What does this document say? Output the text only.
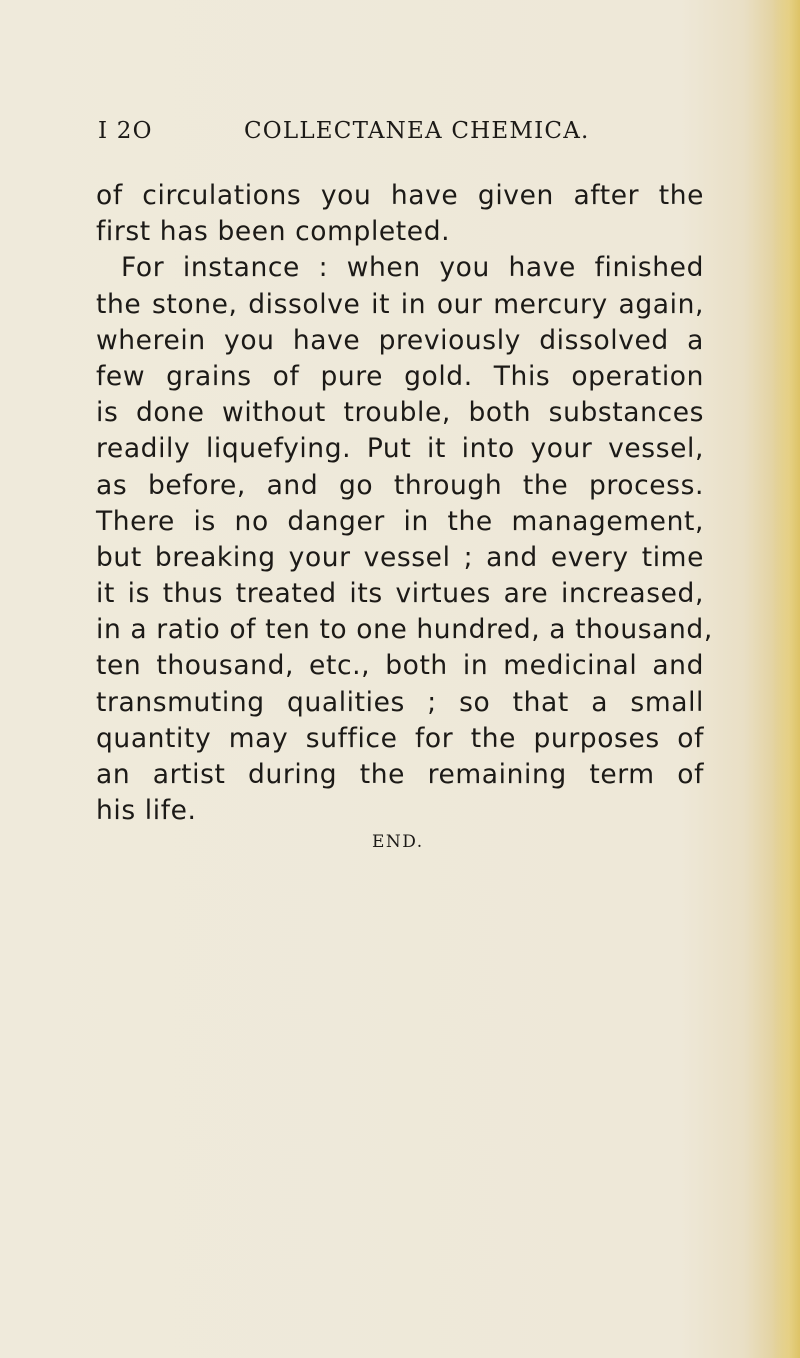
I 2O	COLLECTANEA CHEMICA.
of circulations you have given after the
first has been completed.
For instance : when you have finished
the stone, dissolve it in our mercury again,
wherein you have previously dissolved a
few grains of pure gold. This operation
is done without trouble, both substances
readily liquefying. Put it into your vessel,
as before, and go through the process.
There is no danger in the management,
but breaking your vessel ; and every time
it is thus treated its virtues are increased,
in a ratio of ten to one hundred, a thousand,
ten thousand, etc., both in medicinal and
transmuting qualities ; so that a small
quantity may suffice for the purposes of
an artist during the remaining term of
his life.
END.
